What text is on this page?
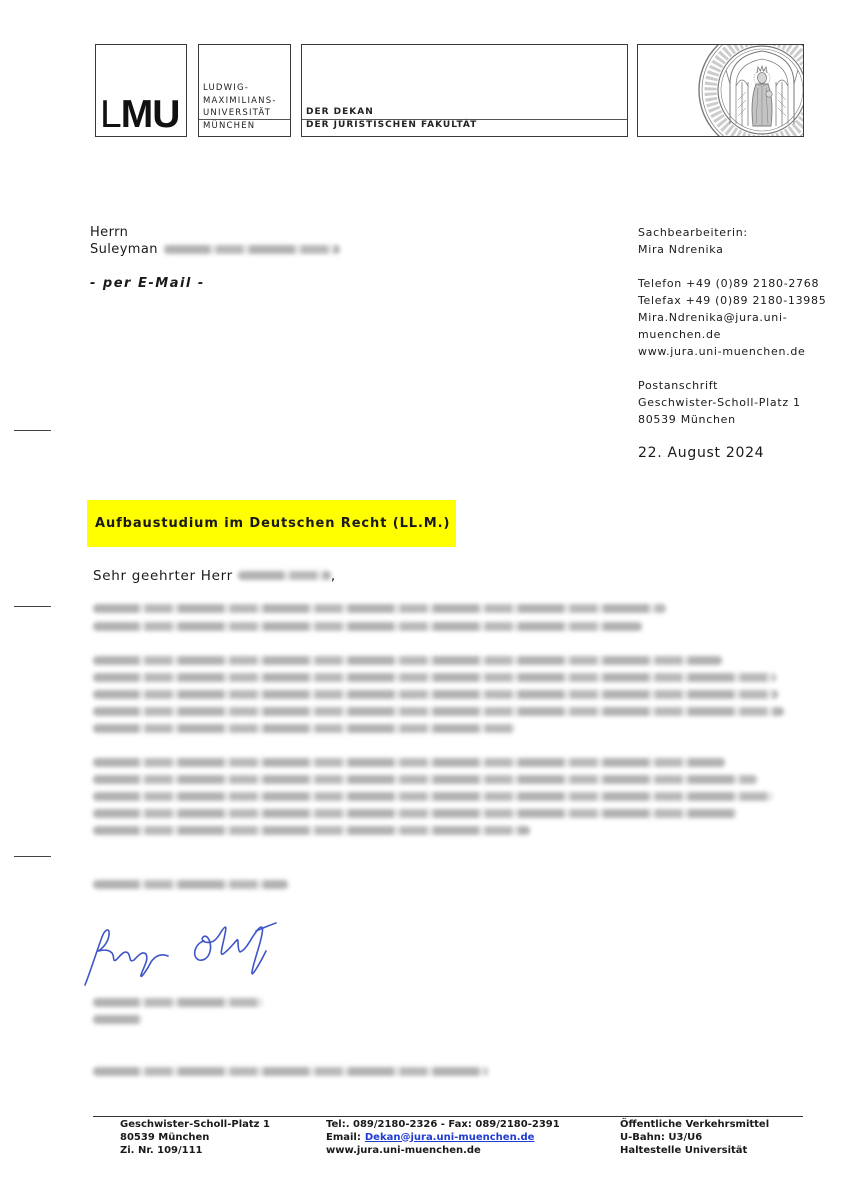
LMU
LUDWIG-
MAXIMILIANS-
UNIVERSITÄT
MÜNCHEN
DER DEKAN
DER JURISTISCHEN FAKULTÄT
Herrn
Suleyman
- per E-Mail -
Sachbearbeiterin:
Mira Ndrenika
Telefon +49 (0)89 2180-2768
Telefax +49 (0)89 2180-13985
Mira.Ndrenika@jura.uni-
muenchen.de
www.jura.uni-muenchen.de
Postanschrift
Geschwister-Scholl-Platz 1
80539 München
22. August 2024
Aufbaustudium im Deutschen Recht (LL.M.)
Sehr geehrter Herr	,
Geschwister-Scholl-Platz 1
80539 München
Zi. Nr. 109/111
Tel:. 089/2180-2326 - Fax: 089/2180-2391
Email: Dekan@jura.uni-muenchen.de
www.jura.uni-muenchen.de
Öffentliche Verkehrsmittel
U-Bahn: U3/U6
Haltestelle Universität
